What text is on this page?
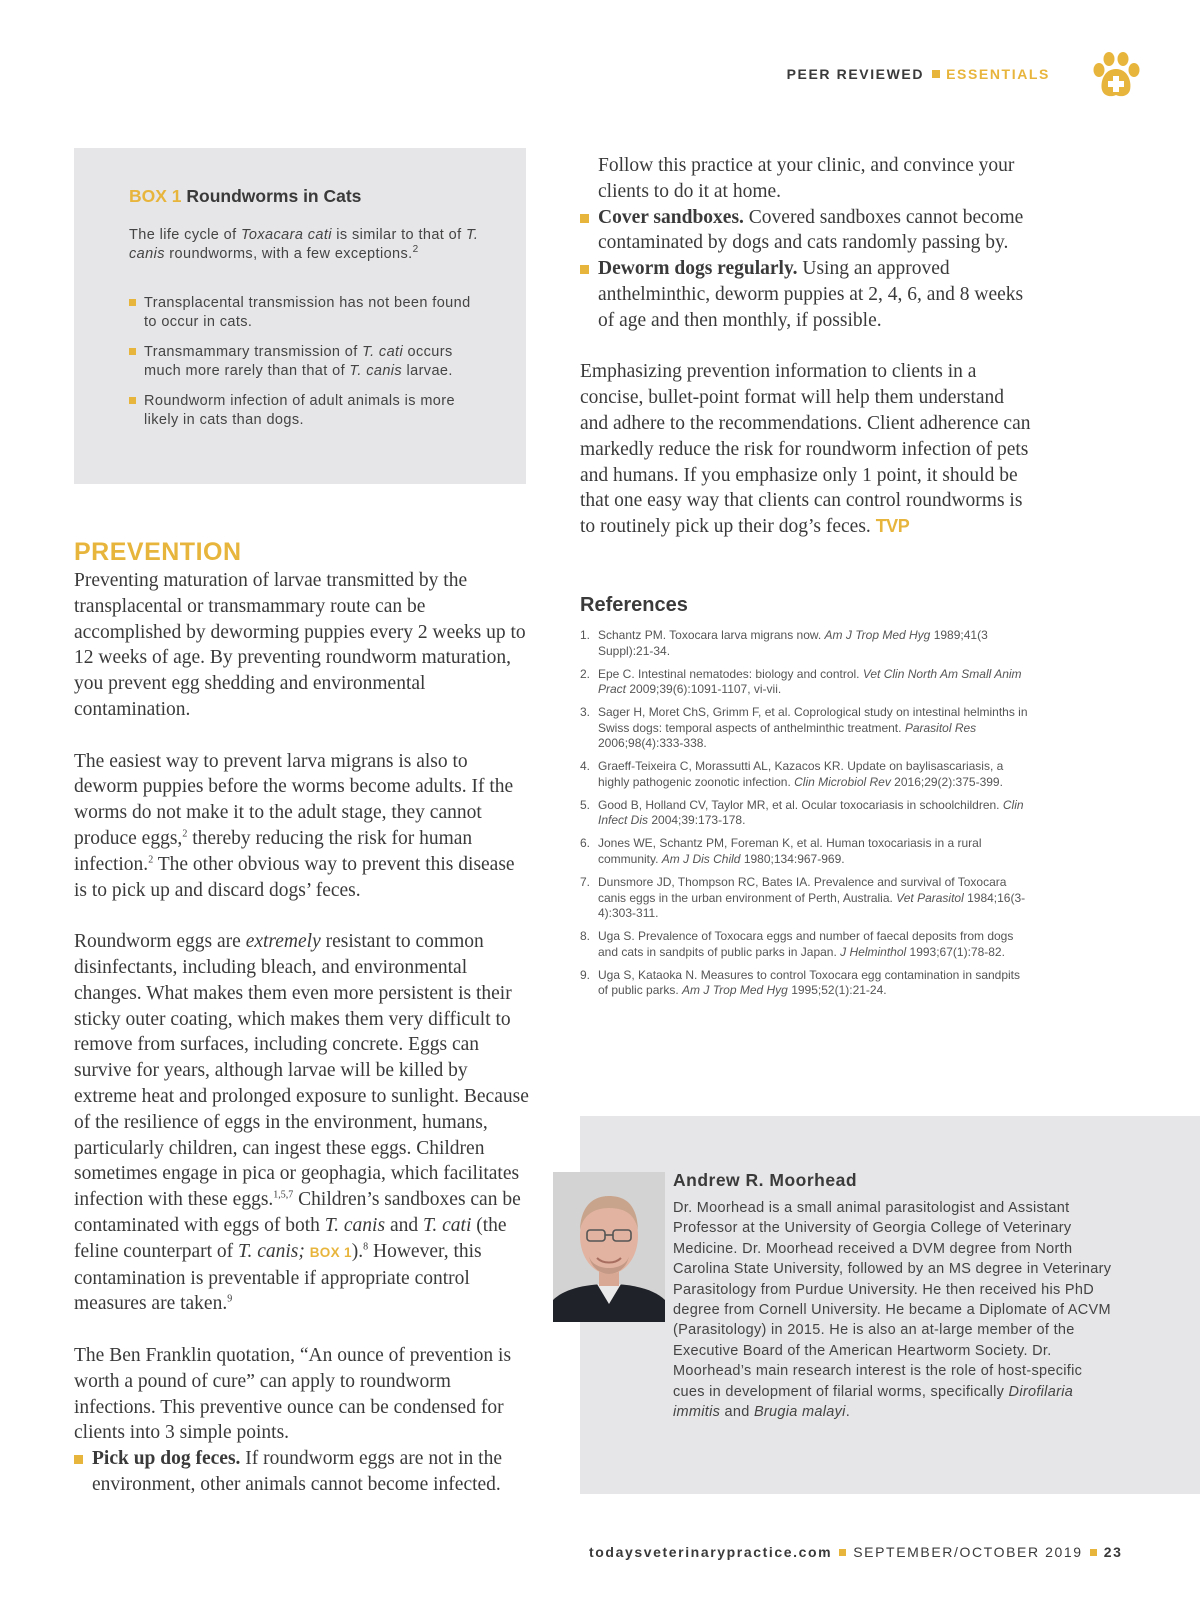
PEER REVIEWED ESSENTIALS
BOX 1 Roundworms in Cats

The life cycle of Toxacara cati is similar to that of T. canis roundworms, with a few exceptions.$^2$

Transplacental transmission has not been found to occur in cats.
Transmammary transmission of T. cati occurs much more rarely than that of T. canis larvae.
Roundworm infection of adult animals is more likely in cats than dogs.
PREVENTION

Preventing maturation of larvae transmitted by the transplacental or transmammary route can be accomplished by deworming puppies every 2 weeks up to 12 weeks of age. By preventing roundworm maturation, you prevent egg shedding and environmental contamination.

The easiest way to prevent larva migrans is also to deworm puppies before the worms become adults. If the worms do not make it to the adult stage, they cannot produce eggs,$^2$ thereby reducing the risk for human infection.$^2$ The other obvious way to prevent this disease is to pick up and discard dogs’ feces.

Roundworm eggs are extremely resistant to common disinfectants, including bleach, and environmental changes. What makes them even more persistent is their sticky outer coating, which makes them very difficult to remove from surfaces, including concrete. Eggs can survive for years, although larvae will be killed by extreme heat and prolonged exposure to sunlight. Because of the resilience of eggs in the environment, humans, particularly children, can ingest these eggs. Children sometimes engage in pica or geophagia, which facilitates infection with these eggs.$^{1,5,7}$ Children’s sandboxes can be contaminated with eggs of both T. canis and T. cati (the feline counterpart of T. canis; BOX 1).$^8$ However, this contamination is preventable if appropriate control measures are taken.$^9$

The Ben Franklin quotation, “An ounce of prevention is worth a pound of cure” can apply to roundworm infections. This preventive ounce can be condensed for clients into 3 simple points.

Pick up dog feces. If roundworm eggs are not in the environment, other animals cannot become infected.

Follow this practice at your clinic, and convince your clients to do it at home.

Cover sandboxes. Covered sandboxes cannot become contaminated by dogs and cats randomly passing by.
Deworm dogs regularly. Using an approved anthelminthic, deworm puppies at 2, 4, 6, and 8 weeks of age and then monthly, if possible.

Emphasizing prevention information to clients in a concise, bullet-point format will help them understand and adhere to the recommendations. Client adherence can markedly reduce the risk for roundworm infection of pets and humans. If you emphasize only 1 point, it should be that one easy way that clients can control roundworms is to routinely pick up their dog’s feces. TVP

References
1. Schantz PM. Toxocara larva migrans now. Am J Trop Med Hyg 1989;41(3 Suppl):21-34.
2. Epe C. Intestinal nematodes: biology and control. Vet Clin North Am Small Anim Pract 2009;39(6):1091-1107, vi-vii.
3. Sager H, Moret ChS, Grimm F, et al. Coprological study on intestinal helminths in Swiss dogs: temporal aspects of anthelminthic treatment. Parasitol Res 2006;98(4):333-338.
4. Graeff-Teixeira C, Morassutti AL, Kazacos KR. Update on baylisascariasis, a highly pathogenic zoonotic infection. Clin Microbiol Rev 2016;29(2):375-399.
5. Good B, Holland CV, Taylor MR, et al. Ocular toxocariasis in schoolchildren. Clin Infect Dis 2004;39:173-178.
6. Jones WE, Schantz PM, Foreman K, et al. Human toxocariasis in a rural community. Am J Dis Child 1980;134:967-969.
7. Dunsmore JD, Thompson RC, Bates IA. Prevalence and survival of Toxocara canis eggs in the urban environment of Perth, Australia. Vet Parasitol 1984;16(3-4):303-311.
8. Uga S. Prevalence of Toxocara eggs and number of faecal deposits from dogs and cats in sandpits of public parks in Japan. J Helminthol 1993;67(1):78-82.
9. Uga S, Kataoka N. Measures to control Toxocara egg contamination in sandpits of public parks. Am J Trop Med Hyg 1995;52(1):21-24.
Andrew R. Moorhead

Dr. Moorhead is a small animal parasitologist and Assistant Professor at the University of Georgia College of Veterinary Medicine. Dr. Moorhead received a DVM degree from North Carolina State University, followed by an MS degree in Veterinary Parasitology from Purdue University. He then received his PhD degree from Cornell University. He became a Diplomate of ACVM (Parasitology) in 2015. He is also an at-large member of the Executive Board of the American Heartworm Society. Dr. Moorhead’s main research interest is the role of host-specific cues in development of filarial worms, specifically Dirofilaria immitis and Brugia malayi.

todaysveterinarypractice.com SEPTEMBER/OCTOBER 2019 23
